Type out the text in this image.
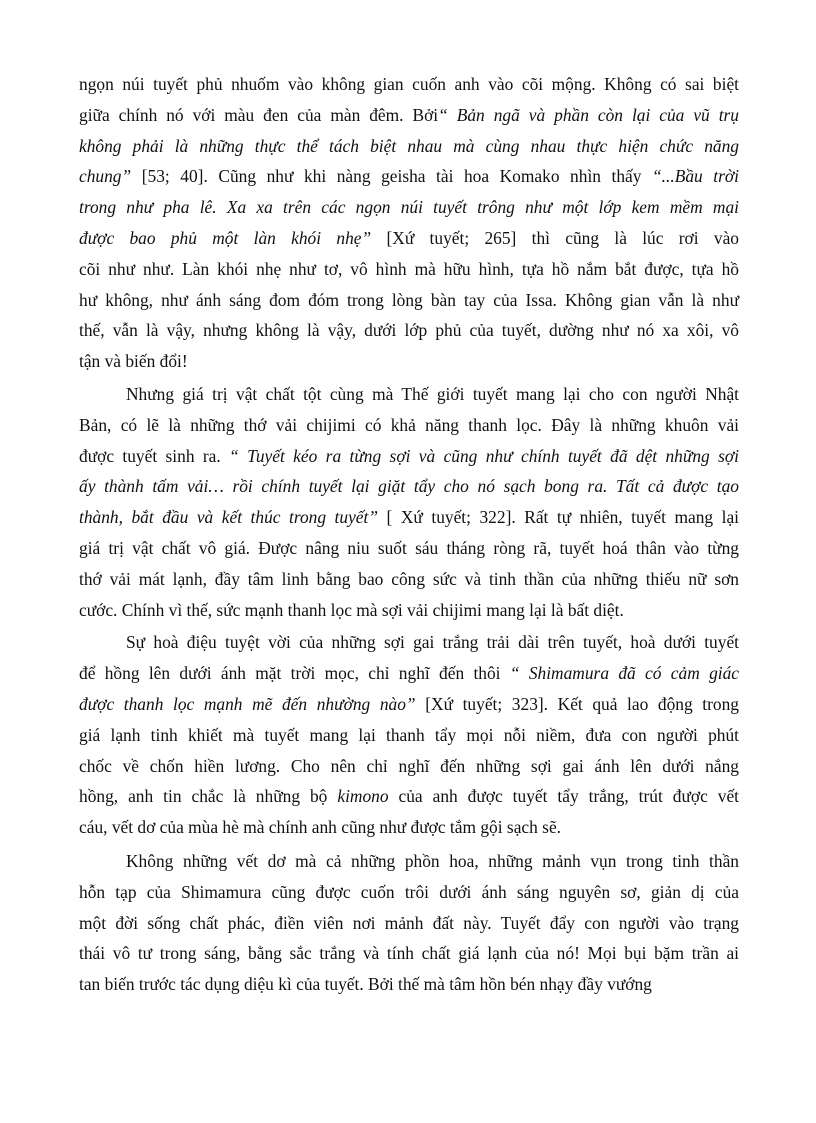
ngọn núi tuyết phủ nhuốm vào không gian cuốn anh vào cõi mộng. Không có sai biệt
giữa chính nó với màu đen của màn đêm. Bởi“ Bản ngã và phần còn lại của vũ trụ
không phải là những thực thể tách biệt nhau mà cùng nhau thực hiện chức năng
chung” [53; 40]. Cũng như khi nàng geisha tài hoa Komako nhìn thấy “...Bầu trời
trong như pha lê. Xa xa trên các ngọn núi tuyết trông như một lớp kem mềm mại
được bao phủ một làn khói nhẹ” [Xứ tuyết; 265] thì cũng là lúc rơi vào
cõi như như. Làn khói nhẹ như tơ, vô hình mà hữu hình, tựa hồ nắm bắt được, tựa hồ
hư không, như ánh sáng đom đóm trong lòng bàn tay của Issa. Không gian vẫn là như
thế, vẫn là vậy, nhưng không là vậy, dưới lớp phủ của tuyết, dường như nó xa xôi, vô
tận và biến đổi!
Nhưng giá trị vật chất tột cùng mà Thế giới tuyết mang lại cho con người Nhật
Bản, có lẽ là những thớ vải chijimi có khả năng thanh lọc. Đây là những khuôn vải
được tuyết sinh ra. “ Tuyết kéo ra từng sợi và cũng như chính tuyết đã dệt những sợi
ấy thành tấm vải… rồi chính tuyết lại giặt tẩy cho nó sạch bong ra. Tất cả được tạo
thành, bắt đầu và kết thúc trong tuyết” [ Xứ tuyết; 322]. Rất tự nhiên, tuyết mang lại
giá trị vật chất vô giá. Được nâng niu suốt sáu tháng ròng rã, tuyết hoá thân vào từng
thớ vải mát lạnh, đầy tâm linh bằng bao công sức và tinh thần của những thiếu nữ sơn
cước. Chính vì thế, sức mạnh thanh lọc mà sợi vải chijimi mang lại là bất diệt.
Sự hoà điệu tuyệt vời của những sợi gai trắng trải dài trên tuyết, hoà dưới tuyết
để hồng lên dưới ánh mặt trời mọc, chỉ nghĩ đến thôi “ Shimamura đã có cảm giác
được thanh lọc mạnh mẽ đến nhường nào” [Xứ tuyết; 323]. Kết quả lao động trong
giá lạnh tinh khiết mà tuyết mang lại thanh tẩy mọi nỗi niềm, đưa con người phút
chốc về chốn hiền lương. Cho nên chỉ nghĩ đến những sợi gai ánh lên dưới nắng
hồng, anh tin chắc là những bộ kimono của anh được tuyết tẩy trắng, trút được vết
cáu, vết dơ của mùa hè mà chính anh cũng như được tắm gội sạch sẽ.
Không những vết dơ mà cả những phồn hoa, những mảnh vụn trong tinh thần
hỗn tạp của Shimamura cũng được cuốn trôi dưới ánh sáng nguyên sơ, giản dị của
một đời sống chất phác, điền viên nơi mảnh đất này. Tuyết đẩy con người vào trạng
thái vô tư trong sáng, bằng sắc trắng và tính chất giá lạnh của nó! Mọi bụi bặm trần ai
tan biến trước tác dụng diệu kì của tuyết. Bởi thế mà tâm hồn bén nhạy đầy vướng
